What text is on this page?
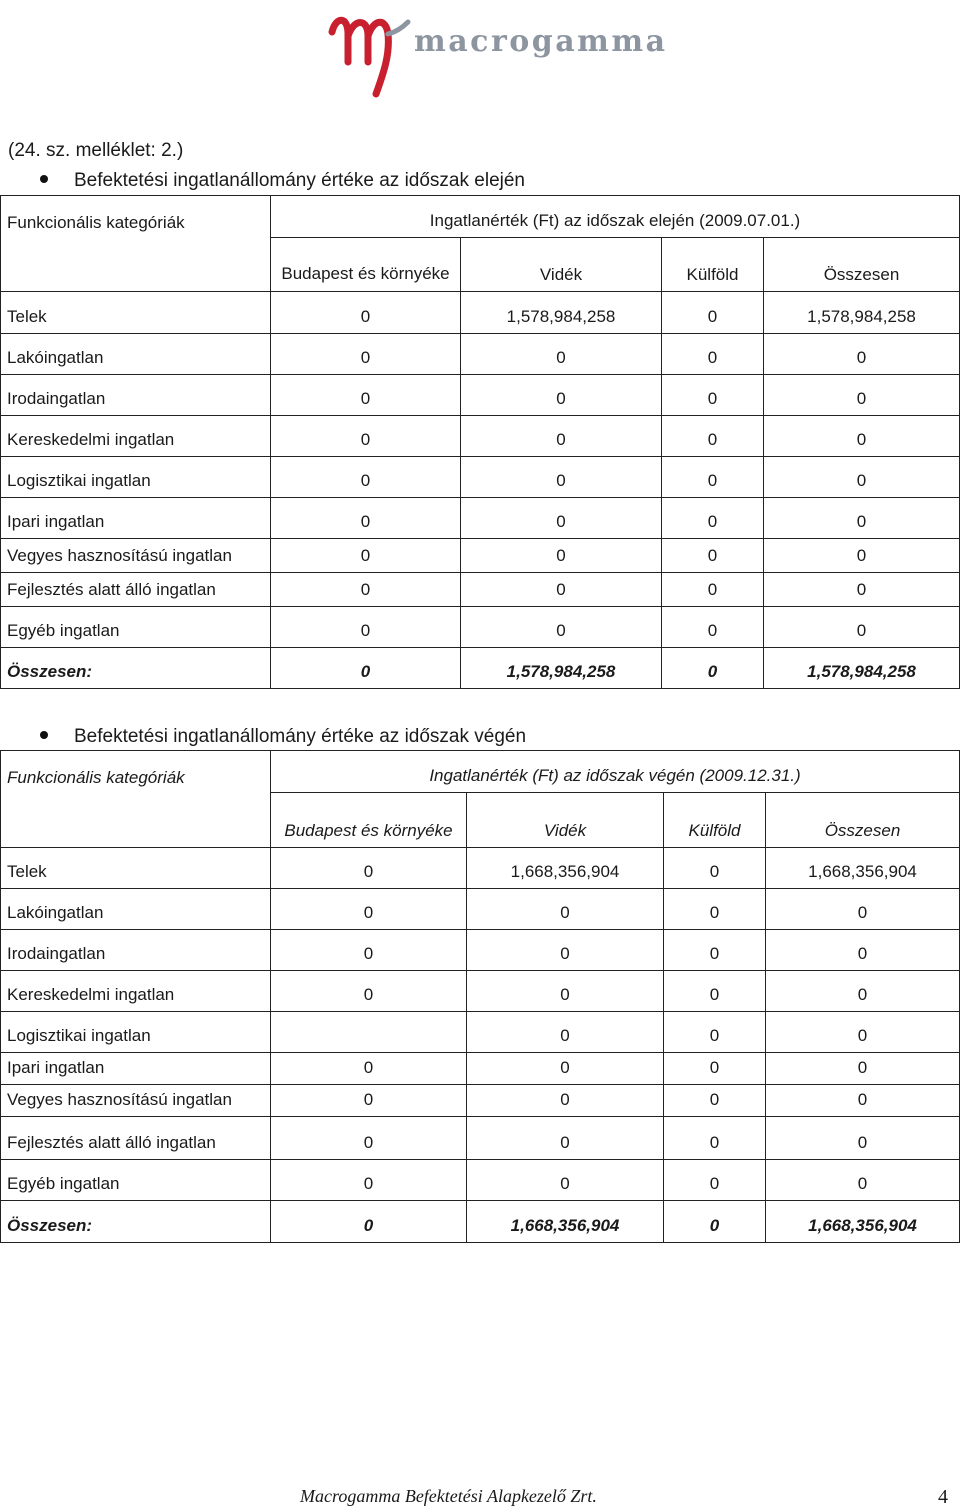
macrogamma
(24. sz. melléklet: 2.)
Befektetési ingatlanállomány értéke az időszak elején
Funkcionális kategóriák	Ingatlanérték (Ft) az időszak elején (2009.07.01.)			
	Budapest és környéke	Vidék	Külföld	Összesen
Telek	0	1,578,984,258	0	1,578,984,258
Lakóingatlan	0	0	0	0
Irodaingatlan	0	0	0	0
Kereskedelmi ingatlan	0	0	0	0
Logisztikai ingatlan	0	0	0	0
Ipari ingatlan	0	0	0	0
Vegyes hasznosítású ingatlan	0	0	0	0
Fejlesztés alatt álló ingatlan	0	0	0	0
Egyéb ingatlan	0	0	0	0
Összesen:	0	1,578,984,258	0	1,578,984,258
Befektetési ingatlanállomány értéke az időszak végén
Funkcionális kategóriák	Ingatlanérték (Ft) az időszak végén (2009.12.31.)			
	Budapest és környéke	Vidék	Külföld	Összesen
Telek	0	1,668,356,904	0	1,668,356,904
Lakóingatlan	0	0	0	0
Irodaingatlan	0	0	0	0
Kereskedelmi ingatlan	0	0	0	0
Logisztikai ingatlan		0	0	0
Ipari ingatlan	0	0	0	0
Vegyes hasznosítású ingatlan	0	0	0	0
Fejlesztés alatt álló ingatlan	0	0	0	0
Egyéb ingatlan	0	0	0	0
Összesen:	0	1,668,356,904	0	1,668,356,904
Macrogamma Befektetési Alapkezelő Zrt.	4
